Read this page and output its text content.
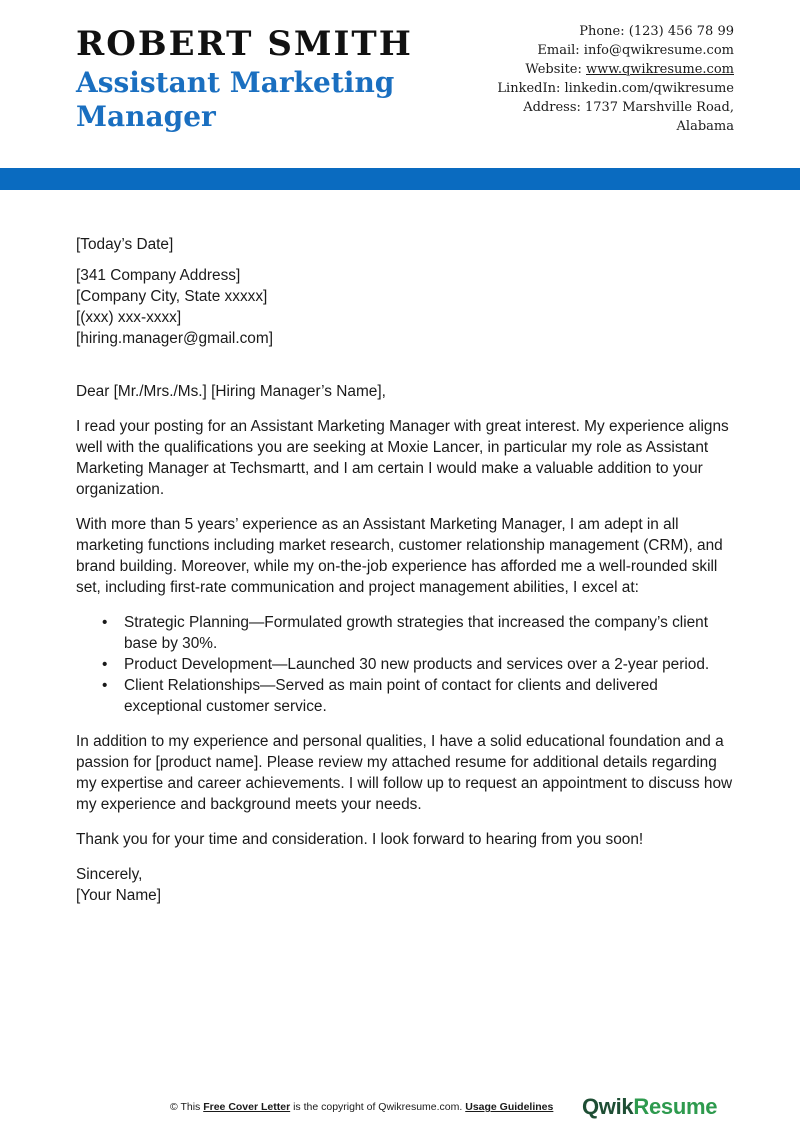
ROBERT SMITH
Assistant Marketing Manager
Phone: (123) 456 78 99
Email: info@qwikresume.com
Website: www.qwikresume.com
LinkedIn: linkedin.com/qwikresume
Address: 1737 Marshville Road,
Alabama

[Today’s Date]

[341 Company Address]

[Company City, State xxxxx]

[(xxx) xxx-xxxx]

[hiring.manager@gmail.com]

Dear [Mr./Mrs./Ms.] [Hiring Manager’s Name],

I read your posting for an Assistant Marketing Manager with great interest. My experience aligns well with the qualifications you are seeking at Moxie Lancer, in particular my role as Assistant Marketing Manager at Techsmartt, and I am certain I would make a valuable addition to your organization.

With more than 5 years’ experience as an Assistant Marketing Manager, I am adept in all marketing functions including market research, customer relationship management (CRM), and brand building. Moreover, while my on-the-job experience has afforded me a well-rounded skill set, including first-rate communication and project management abilities, I excel at:

• Strategic Planning—Formulated growth strategies that increased the company’s client base by 30%.
• Product Development—Launched 30 new products and services over a 2-year period.
• Client Relationships—Served as main point of contact for clients and delivered exceptional customer service.

In addition to my experience and personal qualities, I have a solid educational foundation and a passion for [product name]. Please review my attached resume for additional details regarding my expertise and career achievements. I will follow up to request an appointment to discuss how my experience and background meets your needs.

Thank you for your time and consideration. I look forward to hearing from you soon!

Sincerely,

[Your Name]

© This Free Cover Letter is the copyright of Qwikresume.com. Usage Guidelines QwikResume
